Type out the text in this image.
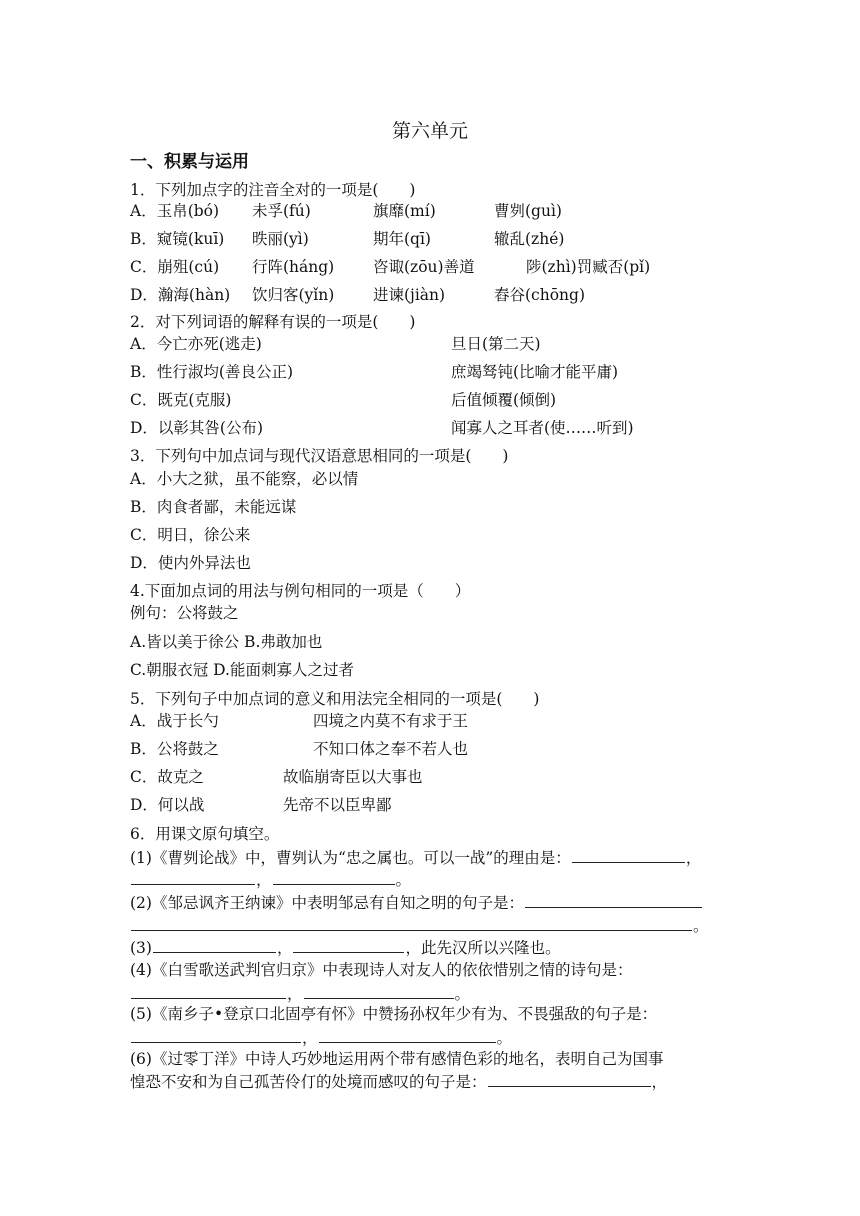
第六单元
一、积累与运用
1．下列加点字的注音全对的一项是(　　)
A．玉帛(bó) 未孚(fú)	旗靡(mí)	曹刿(guì)
B．窥镜(kuī) 昳丽(yì)	期年(qī)	辙乱(zhé)
C．崩殂(cú) 行阵(háng)	咨诹(zōu)善道	陟(zhì)罚臧否(pǐ)
D．瀚海(hàn) 饮归客(yǐn) 进谏(jiàn)	舂谷(chōng)
2．对下列词语的解释有误的一项是(　　)
A．今亡亦死(逃走)	旦日(第二天)
B．性行淑均(善良公正)	庶竭驽钝(比喻才能平庸)
C．既克(克服)	后值倾覆(倾倒)
D．以彰其咎(公布)	闻寡人之耳者(使……听到)
3．下列句中加点词与现代汉语意思相同的一项是(　　)
A．小大之狱，虽不能察，必以情
B．肉食者鄙，未能远谋
C．明日，徐公来
D．使内外异法也
4.下面加点词的用法与例句相同的一项是（　　）
例句：公将鼓之
A.皆以美于徐公 B.弗敢加也
C.朝服衣冠 D.能面刺寡人之过者
5．下列句子中加点词的意义和用法完全相同的一项是(　　)
A．战于长勺	四境之内莫不有求于王
B．公将鼓之	不知口体之奉不若人也
C．故克之	故临崩寄臣以大事也
D．何以战	先帝不以臣卑鄙
6．用课文原句填空。
(1)《曹刿论战》中，曹刿认为“忠之属也。可以一战”的理由是：	，
，	。
(2)《邹忌讽齐王纳谏》中表明邹忌有自知之明的句子是：
。
(3)	，	，此先汉所以兴隆也。
(4)《白雪歌送武判官归京》中表现诗人对友人的依依惜别之情的诗句是：
，	。
(5)《南乡子•登京口北固亭有怀》中赞扬孙权年少有为、不畏强敌的句子是：
，	。
(6)《过零丁洋》中诗人巧妙地运用两个带有感情色彩的地名，表明自己为国事
惶恐不安和为自己孤苦伶仃的处境而感叹的句子是：	，
